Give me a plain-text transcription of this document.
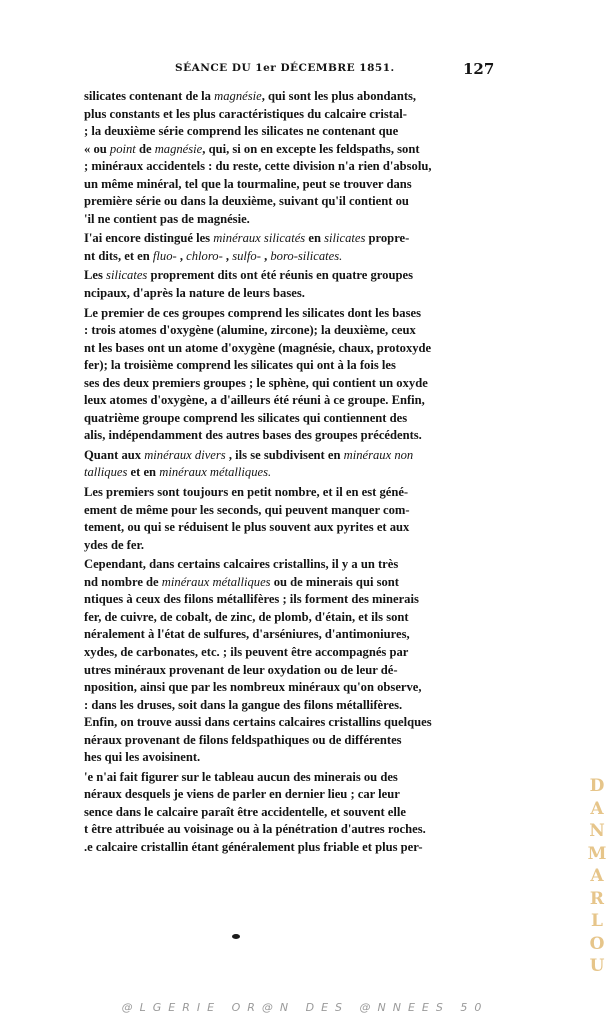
SÉANCE DU 1er DÉCEMBRE 1851.	127
silicates contenant de la magnésie, qui sont les plus abondants,
plus constants et les plus caractéristiques du calcaire cristal-
; la deuxième série comprend les silicates ne contenant que
« ou point de magnésie, qui, si on en excepte les feldspaths, sont
; minéraux accidentels : du reste, cette division n'a rien d'absolu,
un même minéral, tel que la tourmaline, peut se trouver dans
première série ou dans la deuxième, suivant qu'il contient ou
'il ne contient pas de magnésie.
I'ai encore distingué les minéraux silicatés en silicates propre-
nt dits, et en fluo- , chloro- , sulfo- , boro-silicates.
Les silicates proprement dits ont été réunis en quatre groupes
ncipaux, d'après la nature de leurs bases.
Le premier de ces groupes comprend les silicates dont les bases
: trois atomes d'oxygène (alumine, zircone); la deuxième, ceux
nt les bases ont un atome d'oxygène (magnésie, chaux, protoxyde
fer); la troisième comprend les silicates qui ont à la fois les
ses des deux premiers groupes ; le sphène, qui contient un oxyde
leux atomes d'oxygène, a d'ailleurs été réuni à ce groupe. Enfin,
quatrième groupe comprend les silicates qui contiennent des
alis, indépendamment des autres bases des groupes précédents.
Quant aux minéraux divers , ils se subdivisent en minéraux non
talliques et en minéraux métalliques.
Les premiers sont toujours en petit nombre, et il en est géné-
ement de même pour les seconds, qui peuvent manquer com-
tement, ou qui se réduisent le plus souvent aux pyrites et aux
ydes de fer.
Cependant, dans certains calcaires cristallins, il y a un très
nd nombre de minéraux métalliques ou de minerais qui sont
ntiques à ceux des filons métallifères ; ils forment des minerais
fer, de cuivre, de cobalt, de zinc, de plomb, d'étain, et ils sont
néralement à l'état de sulfures, d'arséniures, d'antimoniures,
xydes, de carbonates, etc. ; ils peuvent être accompagnés par
utres minéraux provenant de leur oxydation ou de leur dé-
nposition, ainsi que par les nombreux minéraux qu'on observe,
: dans les druses, soit dans la gangue des filons métallifères.
Enfin, on trouve aussi dans certains calcaires cristallins quelques
néraux provenant de filons feldspathiques ou de différentes
hes qui les avoisinent.
'e n'ai fait figurer sur le tableau aucun des minerais ou des
néraux desquels je viens de parler en dernier lieu ; car leur
sence dans le calcaire paraît être accidentelle, et souvent elle
t être attribuée au voisinage ou à la pénétration d'autres roches.
.e calcaire cristallin étant généralement plus friable et plus per-
D
A
N
M
A
R
L
O
U
@LGERIE OR@N DES @NNEES 50
